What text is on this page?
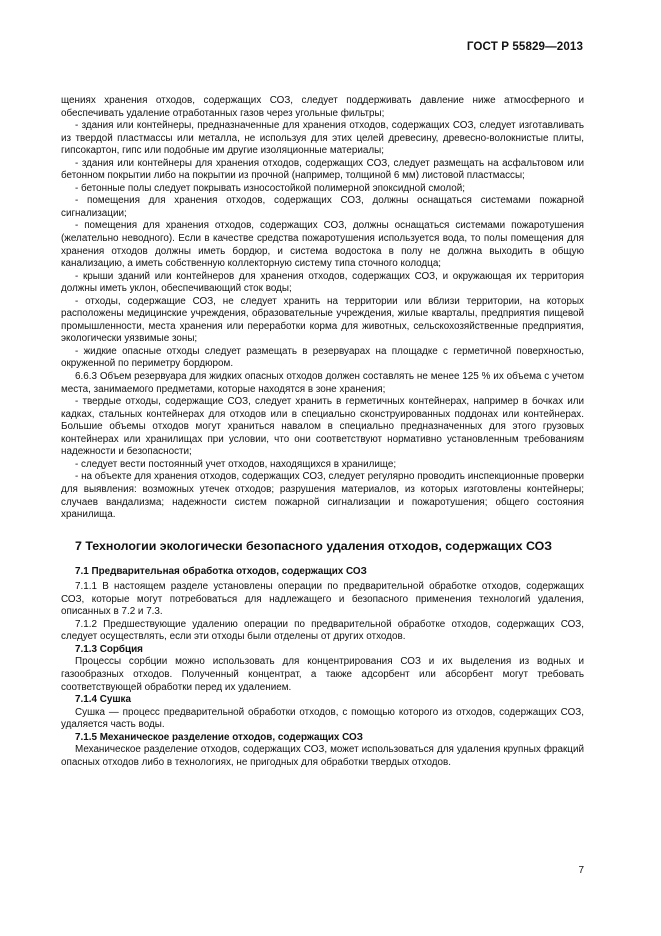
ГОСТ Р 55829—2013

щениях хранения отходов, содержащих СОЗ, следует поддерживать давление ниже атмосферного и обеспечивать удаление отработанных газов через угольные фильтры;

- здания или контейнеры, предназначенные для хранения отходов, содержащих СОЗ, следует изготавливать из твердой пластмассы или металла, не используя для этих целей древесину, древесно-волокнистые плиты, гипсокартон, гипс или подобные им другие изоляционные материалы;

- здания или контейнеры для хранения отходов, содержащих СОЗ, следует размещать на асфальтовом или бетонном покрытии либо на покрытии из прочной (например, толщиной 6 мм) листовой пластмассы;

- бетонные полы следует покрывать износостойкой полимерной эпоксидной смолой;

- помещения для хранения отходов, содержащих СОЗ, должны оснащаться системами пожарной сигнализации;

- помещения для хранения отходов, содержащих СОЗ, должны оснащаться системами пожаротушения (желательно неводного). Если в качестве средства пожаротушения используется вода, то полы помещения для хранения отходов должны иметь бордюр, и система водостока в полу не должна выходить в общую канализацию, а иметь собственную коллекторную систему типа сточного колодца;

- крыши зданий или контейнеров для хранения отходов, содержащих СОЗ, и окружающая их территория должны иметь уклон, обеспечивающий сток воды;

- отходы, содержащие СОЗ, не следует хранить на территории или вблизи территории, на которых расположены медицинские учреждения, образовательные учреждения, жилые кварталы, предприятия пищевой промышленности, места хранения или переработки корма для животных, сельскохозяйственные предприятия, экологически уязвимые зоны;

- жидкие опасные отходы следует размещать в резервуарах на площадке с герметичной поверхностью, окруженной по периметру бордюром.

6.6.3 Объем резервуара для жидких опасных отходов должен составлять не менее 125 % их объема с учетом места, занимаемого предметами, которые находятся в зоне хранения;

- твердые отходы, содержащие СОЗ, следует хранить в герметичных контейнерах, например в бочках или кадках, стальных контейнерах для отходов или в специально сконструированных поддонах или контейнерах. Большие объемы отходов могут храниться навалом в специально предназначенных для этого грузовых контейнерах или хранилищах при условии, что они соответствуют нормативно установленным требованиям надежности и безопасности;

- следует вести постоянный учет отходов, находящихся в хранилище;

- на объекте для хранения отходов, содержащих СОЗ, следует регулярно проводить инспекционные проверки для выявления: возможных утечек отходов; разрушения материалов, из которых изготовлены контейнеры; случаев вандализма; надежности систем пожарной сигнализации и пожаротушения; общего состояния хранилища.

7 Технологии экологически безопасного удаления отходов, содержащих СОЗ

7.1 Предварительная обработка отходов, содержащих СОЗ

7.1.1 В настоящем разделе установлены операции по предварительной обработке отходов, содержащих СОЗ, которые могут потребоваться для надлежащего и безопасного применения технологий удаления, описанных в 7.2 и 7.3.

7.1.2 Предшествующие удалению операции по предварительной обработке отходов, содержащих СОЗ, следует осуществлять, если эти отходы были отделены от других отходов.

7.1.3 Сорбция

Процессы сорбции можно использовать для концентрирования СОЗ и их выделения из водных и газообразных отходов. Полученный концентрат, а также адсорбент или абсорбент могут требовать соответствующей обработки перед их удалением.

7.1.4 Сушка

Сушка — процесс предварительной обработки отходов, с помощью которого из отходов, содержащих СОЗ, удаляется часть воды.

7.1.5 Механическое разделение отходов, содержащих СОЗ

Механическое разделение отходов, содержащих СОЗ, может использоваться для удаления крупных фракций опасных отходов либо в технологиях, не пригодных для обработки твердых отходов.

7
